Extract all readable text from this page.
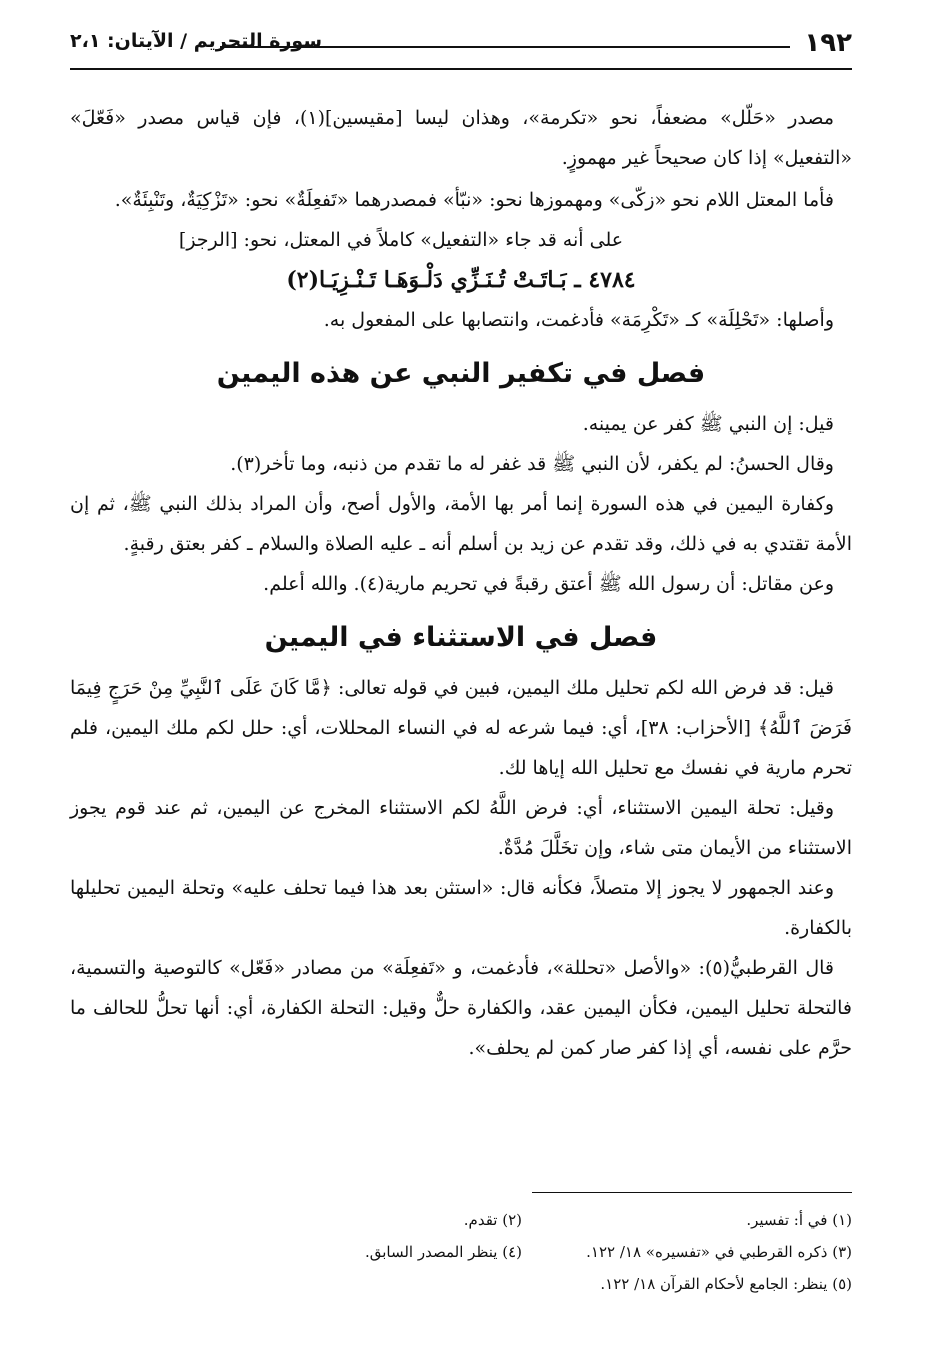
١٩٢
سورة التحريم / الآيتان: ٢،١

مصدر «حَلّل» مضعفاً، نحو «تكرمة»، وهذان ليسا [مقيسين](١)، فإن قياس مصدر «فَعّلَ» «التفعيل» إذا كان صحيحاً غير مهموزٍ.

فأما المعتل اللام نحو «زكّى» ومهموزها نحو: «نبّأ» فمصدرهما «تَفعِلَةٌ» نحو: «تَزْكِيَةٌ، وتَنْبِئَةٌ».

على أنه قد جاء «التفعيل» كاملاً في المعتل، نحو: [الرجز]

٤٧٨٤ ـ بَـاتَـتْ تُـنَـزِّي دَلْـوَهَـا تَـنْـزِيَـا(٢)

وأصلها: «تَحْلِلَة» كـ «تَكْرِمَة» فأدغمت، وانتصابها على المفعول به.

فصل في تكفير النبي عن هذه اليمين

قيل: إن النبي ﷺ كفر عن يمينه.

وقال الحسنُ: لم يكفر، لأن النبي ﷺ قد غفر له ما تقدم من ذنبه، وما تأخر(٣).

وكفارة اليمين في هذه السورة إنما أمر بها الأمة، والأول أصح، وأن المراد بذلك النبي ﷺ، ثم إن الأمة تقتدي به في ذلك، وقد تقدم عن زيد بن أسلم أنه ـ عليه الصلاة والسلام ـ كفر بعتق رقبةٍ.

وعن مقاتل: أن رسول الله ﷺ أعتق رقبةً في تحريم مارية(٤). والله أعلم.

فصل في الاستثناء في اليمين

قيل: قد فرض الله لكم تحليل ملك اليمين، فبين في قوله تعالى: ﴿مَّا كَانَ عَلَى ٱلنَّبِيِّ مِنْ حَرَجٍ فِيمَا فَرَضَ ٱللَّهُ﴾ [الأحزاب: ٣٨]، أي: فيما شرعه له في النساء المحللات، أي: حلل لكم ملك اليمين، فلم تحرم مارية في نفسك مع تحليل الله إياها لك.

وقيل: تحلة اليمين الاستثناء، أي: فرض اللَّهُ لكم الاستثناء المخرج عن اليمين، ثم عند قوم يجوز الاستثناء من الأيمان متى شاء، وإن تخَلَّلَ مُدَّةٌ.

وعند الجمهور لا يجوز إلا متصلاً، فكأنه قال: «استثن بعد هذا فيما تحلف عليه» وتحلة اليمين تحليلها بالكفارة.

قال القرطبيُّ(٥): «والأصل «تحللة»، فأدغمت، و «تَفعِلَة» من مصادر «فَعّل» كالتوصية والتسمية، فالتحلة تحليل اليمين، فكأن اليمين عقد، والكفارة حلٌّ وقيل: التحلة الكفارة، أي: أنها تحلُّ للحالف ما حرَّم على نفسه، أي إذا كفر صار كمن لم يحلف».

(١) في أ: تفسير.
(٢) تقدم.
(٣) ذكره القرطبي في «تفسيره» ١٨/ ١٢٢.
(٤) ينظر المصدر السابق.
(٥) ينظر: الجامع لأحكام القرآن ١٨/ ١٢٢.
